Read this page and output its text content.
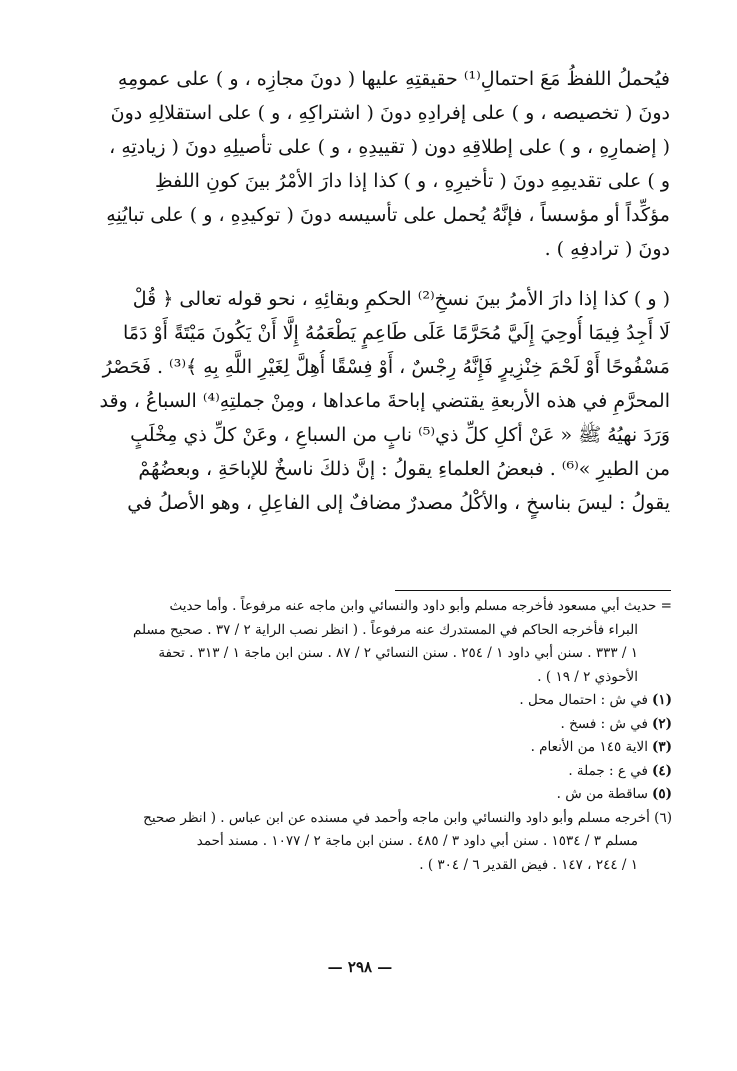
فيُحملُ اللفظُ مَعَ احتمالِ⁽¹⁾ حقيقتِهِ عليها ( دونَ مجازِه ، و ) على عمومِهِ
دونَ ( تخصيصه ، و ) على إفرادِهِ دونَ ( اشتراكِهِ ، و ) على استقلالِهِ دونَ
( إضمارِهِ ، و ) على إطلاقِهِ دون ( تقييدِهِ ، و ) على تأصيلِهِ دونَ ( زيادتِهِ ،
و ) على تقديمِهِ دونَ ( تأخيرِهِ ، و ) كذا إذا دارَ الأمْرُ بينَ كونِ اللفظِ
مؤكِّداً أو مؤسساً ، فإنَّهُ يُحمل على تأسيسه دونَ ( توكيدِهِ ، و ) على تبايُنِهِ
دونَ ( ترادفِهِ ) .
( و ) كذا إذا دارَ الأمرُ بينَ نسخِ⁽²⁾ الحكمِ وبقائِهِ ، نحو قوله تعالى ﴿ قُلْ
لَا أَجِدُ فِيمَا أُوحِيَ إِلَيَّ مُحَرَّمًا عَلَى طَاعِمٍ يَطْعَمُهُ إِلَّا أَنْ يَكُونَ مَيْتَةً أَوْ دَمًا
مَسْفُوحًا أَوْ لَحْمَ خِنْزِيرٍ فَإِنَّهُ رِجْسٌ ، أَوْ فِسْقًا أُهِلَّ لِغَيْرِ اللَّهِ بِهِ ﴾⁽³⁾ . فَحَصْرُ
المحرَّمِ في هذه الأربعةِ يقتضي إباحةَ ماعداها ، ومِنْ جملتِهِ⁽⁴⁾ السباعُ ، وقد
وَرَدَ نهيُهُ ﷺ « عَنْ أكلِ كلِّ ذي⁽⁵⁾ نابٍ من السباعِ ، وعَنْ كلِّ ذي مِخْلَبٍ
من الطيرِ »⁽⁶⁾ . فبعضُ العلماءِ يقولُ : إنَّ ذلكَ ناسخٌ للإباحَةِ ، وبعضُهُمْ
يقولُ : ليسَ بناسخٍ ، والأكْلُ مصدرٌ مضافٌ إلى الفاعِلِ ، وهو الأصلُ في
= حديث أبي مسعود فأخرجه مسلم وأبو داود والنسائي وابن ماجه عنه مرفوعاً . وأما حديث
البراء فأخرجه الحاكم في المستدرك عنه مرفوعاً . ( انظر نصب الراية ٢ / ٣٧ . صحيح مسلم
١ / ٣٣٣ . سنن أبي داود ١ / ٢٥٤ . سنن النسائي ٢ / ٨٧ . سنن ابن ماجة ١ / ٣١٣ . تحفة
الأحوذي ٢ / ١٩ ) .
(١)في ش : احتمال محل .
(٢)في ش : فسخ .
(٣)الاية ١٤٥ من الأنعام .
(٤)في ع : جملة .
(٥)ساقطة من ش .
(٦) أخرجه مسلم وأبو داود والنسائي وابن ماجه وأحمد في مسنده عن ابن عباس . ( انظر صحيح
مسلم ٣ / ١٥٣٤ . سنن أبي داود ٣ / ٤٨٥ . سنن ابن ماجة ٢ / ١٠٧٧ . مسند أحمد
١ / ٢٤٤ ، ١٤٧ . فيض القدير ٦ / ٣٠٤ ) .
— ٢٩٨ —
